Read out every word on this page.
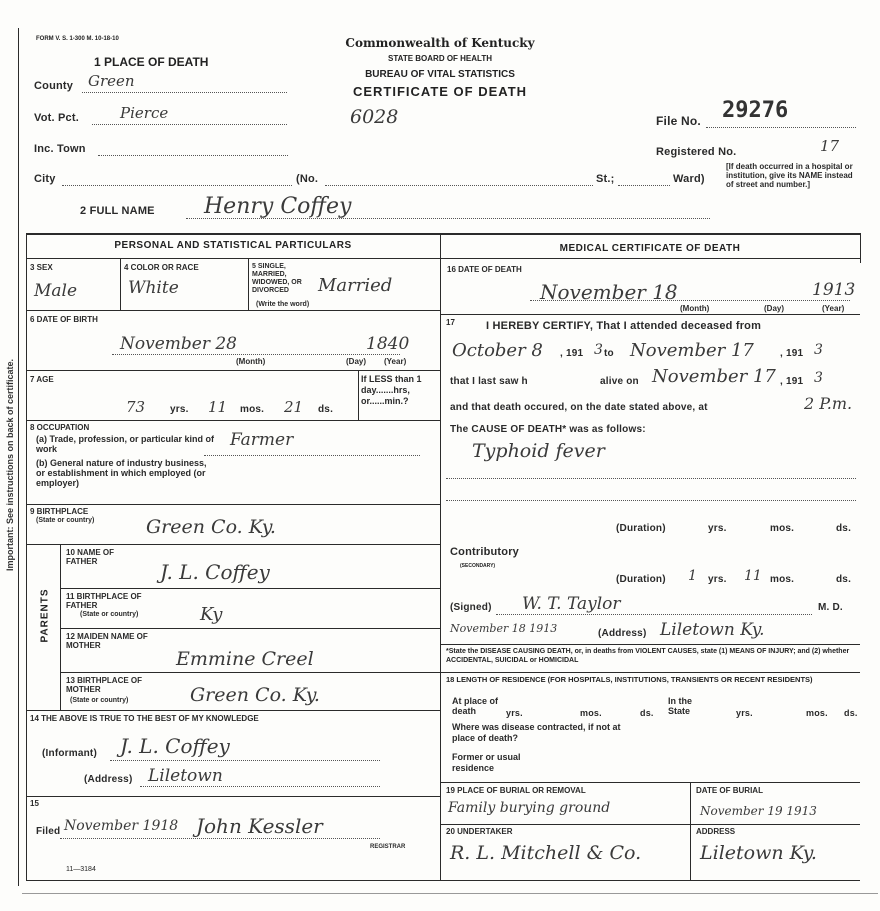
Important: See instructions on back of certificate.
FORM V. S. 1-300 M. 10-18-10	Commonwealth of Kentucky
STATE BOARD OF HEALTH
BUREAU OF VITAL STATISTICS
CERTIFICATE OF DEATH
6028
1 PLACE OF DEATH
County Green
Vot. Pct.	Pierce
Inc. Town
City	(No.	St.;	Ward)
File No. 29276
Registered No.	17
[If death occurred in a hospital or institution, give its NAME instead of street and number.]
2 FULL NAME Henry Coffey
PERSONAL AND STATISTICAL PARTICULARS	MEDICAL CERTIFICATE OF DEATH
3 SEX
Male
4 COLOR OR RACE
White
5 SINGLE, MARRIED, WIDOWED, OR DIVORCED
(Write the word)
Married
6 DATE OF BIRTH
November 28	1840
(Month)	(Day) (Year)
7 AGE
73 yrs. 11 mos. 21 ds.
If LESS than 1 day.......hrs, or......min.?
8 OCCUPATION
(a) Trade, profession, or particular kind of work
(b) General nature of industry business, or establishment in which employed (or employer)
Farmer
9 BIRTHPLACE
(State or country)	Green Co. Ky.
PARENTS
10 NAME OF FATHER	J. L. Coffey
11 BIRTHPLACE OF FATHER
(State or country)	Ky
12 MAIDEN NAME OF MOTHER
Emmine Creel
13 BIRTHPLACE OF MOTHER
(State or country)	Green Co. Ky.
14 THE ABOVE IS TRUE TO THE BEST OF MY KNOWLEDGE
(Informant) J. L. Coffey
(Address) Liletown
15
Filed November 1918 John Kessler
REGISTRAR
11—3184
16 DATE OF DEATH
November 18	1913
(Month)	(Day)	(Year)
17	I HEREBY CERTIFY, That I attended deceased from
October 8 , 191 3 to November 17	, 191 3
that I last saw h	alive on November 17 , 191 3
and that death occured, on the date stated above, at	2 P.m.
The CAUSE OF DEATH* was as follows:
Typhoid fever
(Duration)	yrs.	mos.	ds.
Contributory
(SECONDARY)
(Duration) 1 yrs. 11 mos.	ds.
(Signed) W. T. Taylor	M. D.
November 18 1913	(Address) Liletown Ky.
*State the DISEASE CAUSING DEATH, or, in deaths from VIOLENT CAUSES, state (1) MEANS OF INJURY; and (2) whether ACCIDENTAL, SUICIDAL or HOMICIDAL
18 LENGTH OF RESIDENCE (FOR HOSPITALS, INSTITUTIONS, TRANSIENTS OR RECENT RESIDENTS)
At place of death	yrs.	mos.	ds.
In the State	yrs.	mos. ds.
Where was disease contracted, if not at place of death?
Former or usual residence
19 PLACE OF BURIAL OR REMOVAL
Family burying ground
DATE OF BURIAL
November 19 1913
20 UNDERTAKER
R. L. Mitchell & Co.
ADDRESS
Liletown Ky.
